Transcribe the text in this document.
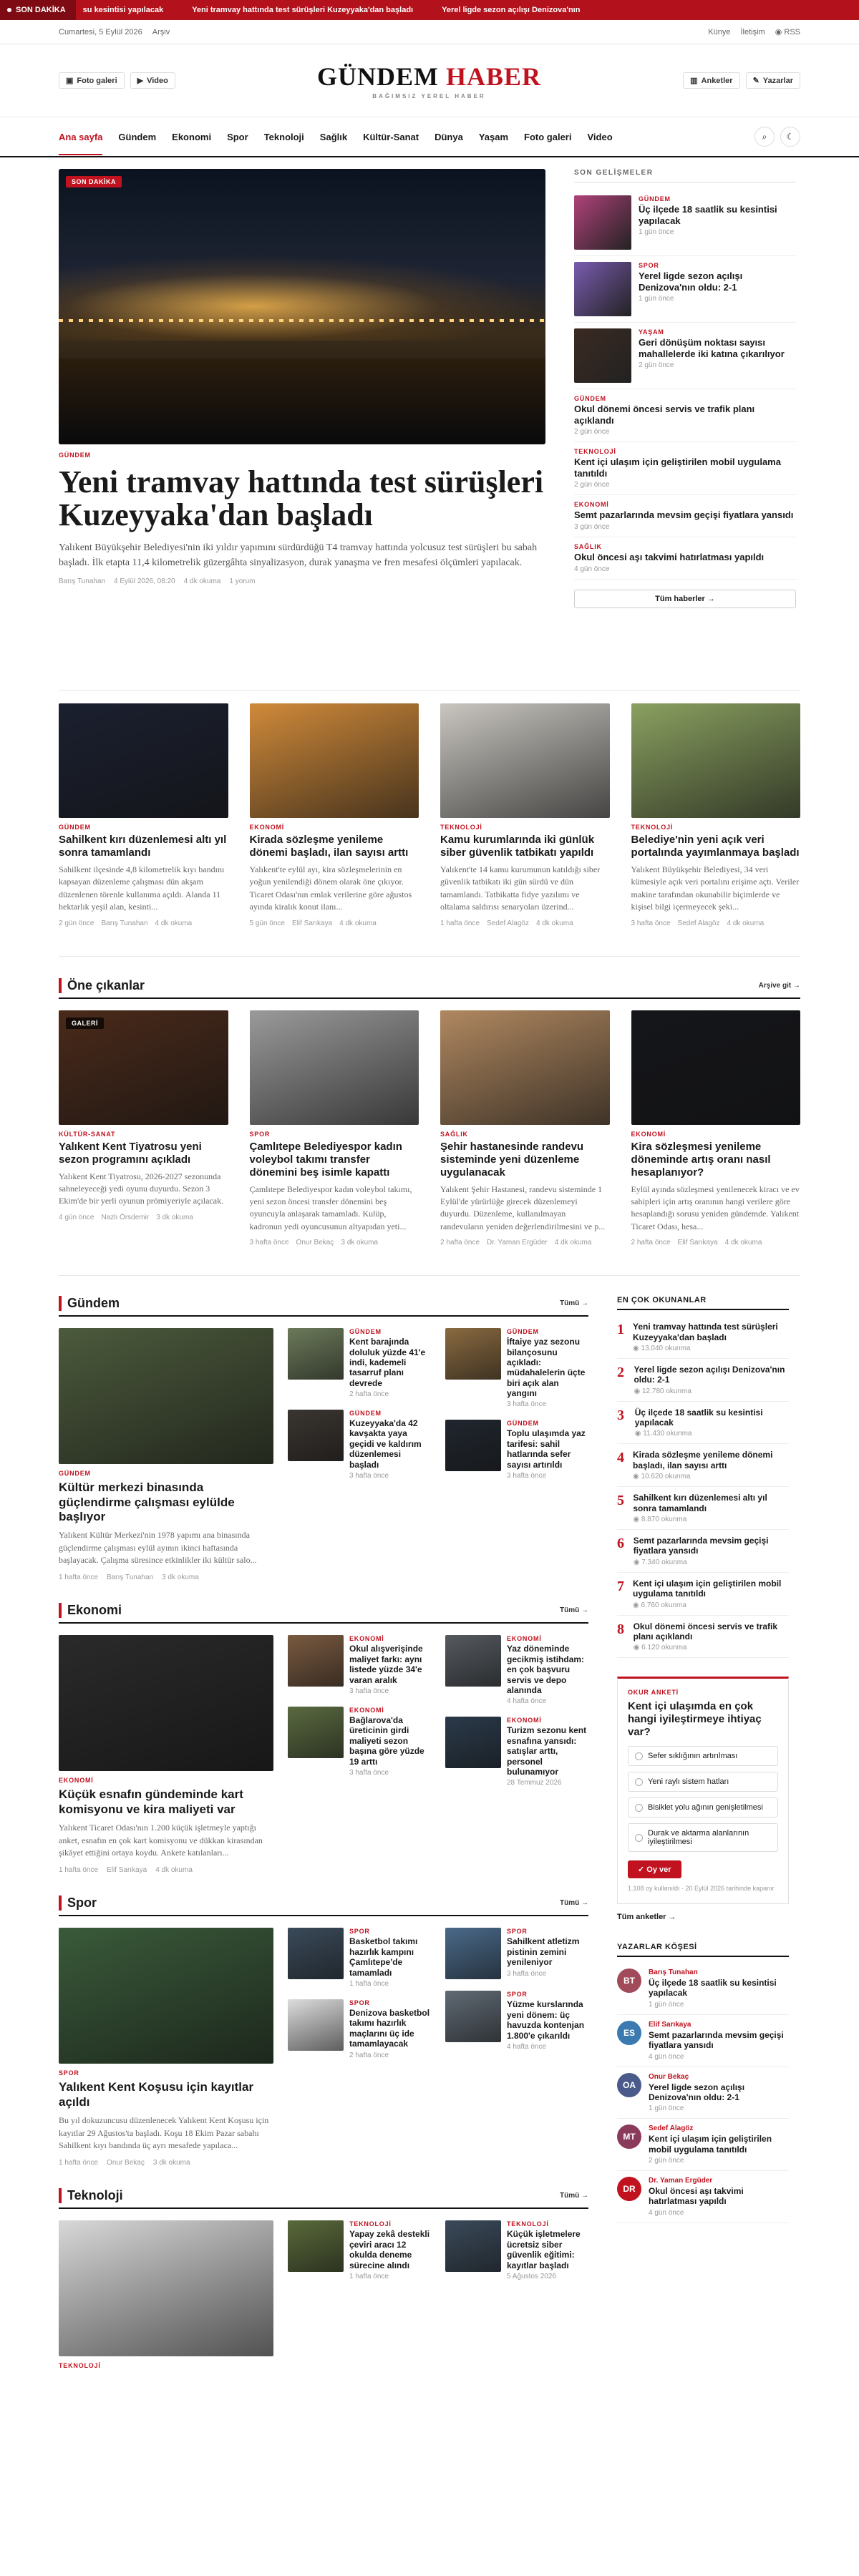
SON DAKİKA su kesintisi yapılacak	Yeni tramvay hattında test sürüşleri Kuzeyyaka'dan başladı	Yerel ligde sezon açılışı Denizova'nın
Cumartesi, 5 Eylül 2026 Arşiv	Künye İletişim ◉ RSS
▣ Foto galeri	▶ Video	GÜNDEM HABER
BAĞIMSIZ YEREL HABER
▥ Anketler	✎ Yazarlar
Ana sayfa Gündem Ekonomi Spor Teknoloji Sağlık Kültür-Sanat Dünya Yaşam Foto galeri Video	⌕	☾
SON DAKİKA
GÜNDEM
Yeni tramvay hattında test sürüşleri Kuzeyyaka'dan başladı

Yalıkent Büyükşehir Belediyesi'nin iki yıldır yapımını sürdürdüğü T4 tramvay hattında yolcusuz test sürüşleri bu sabah başladı. İlk etapta 11,4 kilometrelik güzergâhta sinyalizasyon, durak yanaşma ve fren mesafesi ölçümleri yapılacak.

Barış Tunahan 4 Eylül 2026, 08:20 4 dk okuma 1 yorum
SON GELİŞMELER
GÜNDEM
Üç ilçede 18 saatlik su kesintisi yapılacak
1 gün önce
SPOR
Yerel ligde sezon açılışı Denizova'nın oldu: 2-1
1 gün önce
YAŞAM
Geri dönüşüm noktası sayısı mahallelerde iki katına çıkarılıyor
2 gün önce
GÜNDEM
Okul dönemi öncesi servis ve trafik planı açıklandı
2 gün önce
TEKNOLOJİ
Kent içi ulaşım için geliştirilen mobil uygulama tanıtıldı
2 gün önce
EKONOMİ
Semt pazarlarında mevsim geçişi fiyatlara yansıdı
3 gün önce
SAĞLIK
Okul öncesi aşı takvimi hatırlatması yapıldı
4 gün önce
Tüm haberler →
GÜNDEM
Sahilkent kırı düzenlemesi altı yıl sonra tamamlandı
Sahilkent ilçesinde 4,8 kilometrelik kıyı bandını kapsayan düzenleme çalışması dün akşam düzenlenen törenle kullanıma açıldı. Alanda 11 hektarlık yeşil alan, kesinti...
2 gün önce Barış Tunahan 4 dk okuma
EKONOMİ
Kirada sözleşme yenileme dönemi başladı, ilan sayısı arttı
Yalıkent'te eylül ayı, kira sözleşmelerinin en yoğun yenilendiği dönem olarak öne çıkıyor. Ticaret Odası'nın emlak verilerine göre ağustos ayında kiralık konut ilanı...
5 gün önce Elif Sarıkaya 4 dk okuma
TEKNOLOJİ
Kamu kurumlarında iki günlük siber güvenlik tatbikatı yapıldı
Yalıkent'te 14 kamu kurumunun katıldığı siber güvenlik tatbikatı iki gün sürdü ve dün tamamlandı. Tatbikatta fidye yazılımı ve oltalama saldırısı senaryoları üzerind...
1 hafta önce Sedef Alagöz 4 dk okuma
TEKNOLOJİ
Belediye'nin yeni açık veri portalında yayımlanmaya başladı
Yalıkent Büyükşehir Belediyesi, 34 veri kümesiyle açık veri portalını erişime açtı. Veriler makine tarafından okunabilir biçimlerde ve kişisel bilgi içermeyecek şeki...
3 hafta önce Sedef Alagöz 4 dk okuma
Öne çıkanlar	Arşive git →
GALERİ
KÜLTÜR-SANAT
Yalıkent Kent Tiyatrosu yeni sezon programını açıkladı
Yalıkent Kent Tiyatrosu, 2026-2027 sezonunda sahneleyeceği yedi oyunu duyurdu. Sezon 3 Ekim'de bir yerli oyunun prömiyeriyle açılacak.
4 gün önce Nazlı Örsdemir 3 dk okuma
SPOR
Çamlıtepe Belediyespor kadın voleybol takımı transfer dönemini beş isimle kapattı
Çamlıtepe Belediyespor kadın voleybol takımı, yeni sezon öncesi transfer dönemini beş oyuncuyla anlaşarak tamamladı. Kulüp, kadronun yedi oyuncusunun altyapıdan yeti...
3 hafta önce Onur Bekaç 3 dk okuma
SAĞLIK
Şehir hastanesinde randevu sisteminde yeni düzenleme uygulanacak
Yalıkent Şehir Hastanesi, randevu sisteminde 1 Eylül'de yürürlüğe girecek düzenlemeyi duyurdu. Düzenleme, kullanılmayan randevuların yeniden değerlendirilmesini ve p...
2 hafta önce Dr. Yaman Ergüder 4 dk okuma
EKONOMİ
Kira sözleşmesi yenileme döneminde artış oranı nasıl hesaplanıyor?
Eylül ayında sözleşmesi yenilenecek kiracı ve ev sahipleri için artış oranının hangi verilere göre hesaplandığı sorusu yeniden gündemde. Yalıkent Ticaret Odası, hesa...
2 hafta önce Elif Sarıkaya 4 dk okuma
Gündem	Tümü →
GÜNDEM
Kültür merkezi binasında güçlendirme çalışması eylülde başlıyor
Yalıkent Kültür Merkezi'nin 1978 yapımı ana binasında güçlendirme çalışması eylül ayının ikinci haftasında başlayacak. Çalışma süresince etkinlikler iki kültür salo...
1 hafta önce Barış Tunahan 3 dk okuma
GÜNDEM
Kent barajında doluluk yüzde 41'e indi, kademeli tasarruf planı devrede
2 hafta önce
GÜNDEM
Kuzeyyaka'da 42 kavşakta yaya geçidi ve kaldırım düzenlemesi başladı
3 hafta önce
GÜNDEM
İftaiye yaz sezonu bilançosunu açıkladı: müdahalelerin üçte biri açık alan yangını
3 hafta önce
GÜNDEM
Toplu ulaşımda yaz tarifesi: sahil hatlarında sefer sayısı artırıldı
3 hafta önce
Ekonomi	Tümü →
EKONOMİ
Küçük esnafın gündeminde kart komisyonu ve kira maliyeti var
Yalıkent Ticaret Odası'nın 1.200 küçük işletmeyle yaptığı anket, esnafın en çok kart komisyonu ve dükkan kirasından şikâyet ettiğini ortaya koydu. Ankete katılanları...
1 hafta önce Elif Sarıkaya 4 dk okuma
EKONOMİ
Okul alışverişinde maliyet farkı: aynı listede yüzde 34'e varan aralık
3 hafta önce
EKONOMİ
Bağlarova'da üreticinin girdi maliyeti sezon başına göre yüzde 19 arttı
3 hafta önce
EKONOMİ
Yaz döneminde gecikmiş istihdam: en çok başvuru servis ve depo alanında
4 hafta önce
EKONOMİ
Turizm sezonu kent esnafına yansıdı: satışlar arttı, personel bulunamıyor
28 Temmuz 2026
Spor	Tümü →
SPOR
Yalıkent Kent Koşusu için kayıtlar açıldı
Bu yıl dokuzuncusu düzenlenecek Yalıkent Kent Koşusu için kayıtlar 29 Ağustos'ta başladı. Koşu 18 Ekim Pazar sabahı Sahilkent kıyı bandında üç ayrı mesafede yapılaca...
1 hafta önce Onur Bekaç 3 dk okuma
SPOR
Basketbol takımı hazırlık kampını Çamlıtepe'de tamamladı
1 hafta önce
SPOR
Denizova basketbol takımı hazırlık maçlarını üç ide tamamlayacak
2 hafta önce
SPOR
Sahilkent atletizm pistinin zemini yenileniyor
3 hafta önce
SPOR
Yüzme kurslarında yeni dönem: üç havuzda kontenjan 1.800'e çıkarıldı
4 hafta önce
Teknoloji	Tümü →
TEKNOLOJİ
TEKNOLOJİ
Yapay zekâ destekli çeviri aracı 12 okulda deneme sürecine alındı
1 hafta önce
TEKNOLOJİ
Küçük işletmelere ücretsiz siber güvenlik eğitimi: kayıtlar başladı
5 Ağustos 2026
EN ÇOK OKUNANLAR
1 Yeni tramvay hattında test sürüşleri Kuzeyyaka'dan başladı
◉ 13.040 okunma
2 Yerel ligde sezon açılışı Denizova'nın oldu: 2-1
◉ 12.780 okunma
3 Üç ilçede 18 saatlik su kesintisi yapılacak
◉ 11.430 okunma
4 Kirada sözleşme yenileme dönemi başladı, ilan sayısı arttı
◉ 10.620 okunma
5 Sahilkent kırı düzenlemesi altı yıl sonra tamamlandı
◉ 8.870 okunma
6 Semt pazarlarında mevsim geçişi fiyatlara yansıdı
◉ 7.340 okunma
7 Kent içi ulaşım için geliştirilen mobil uygulama tanıtıldı
◉ 6.760 okunma
8 Okul dönemi öncesi servis ve trafik planı açıklandı
◉ 6.120 okunma
OKUR ANKETİ
Kent içi ulaşımda en çok hangi iyileştirmeye ihtiyaç var?
Sefer sıklığının artırılması
Yeni raylı sistem hatları
Bisiklet yolu ağının genişletilmesi
Durak ve aktarma alanlarının iyileştirilmesi
✓ Oy ver
1.108 oy kullanıldı · 20 Eylül 2026 tarihinde kapanır
Tüm anketler →
YAZARLAR KÖŞESİ
BT
Barış Tunahan
Üç ilçede 18 saatlik su kesintisi yapılacak
1 gün önce
ES
Elif Sarıkaya
Semt pazarlarında mevsim geçişi fiyatlara yansıdı
4 gün önce
OA
Onur Bekaç
Yerel ligde sezon açılışı Denizova'nın oldu: 2-1
1 gün önce
MT
Sedef Alagöz
Kent içi ulaşım için geliştirilen mobil uygulama tanıtıldı
2 gün önce
DR
Dr. Yaman Ergüder
Okul öncesi aşı takvimi hatırlatması yapıldı
4 gün önce
